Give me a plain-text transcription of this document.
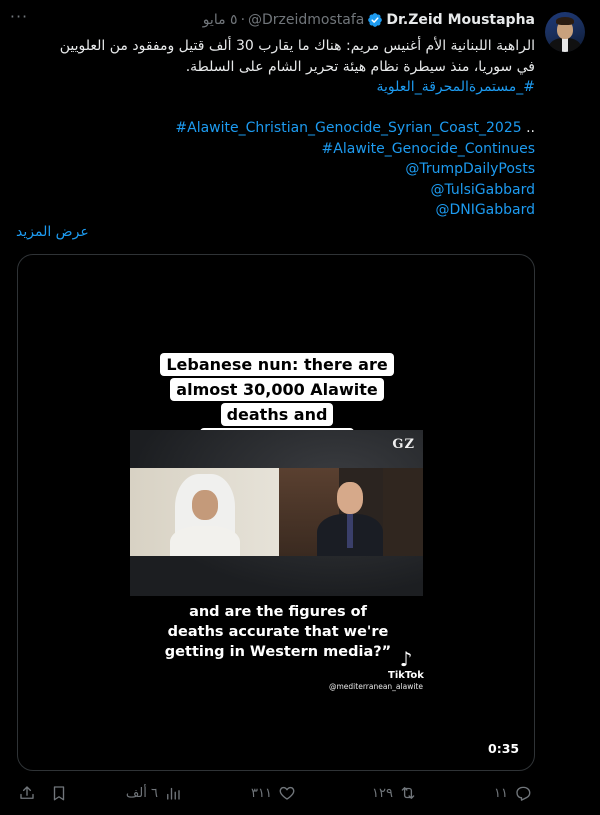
···	Dr.Zeid Moustapha
@Drzeidmostafa
·
٥ مايو
الراهبة اللبنانية الأم أغنيس مريم: هناك ما يقارب 30 ألف قتيل ومفقود من العلويين
في سوريا، منذ سيطرة نظام هيئة تحرير الشام على السلطة.
#_مستمرة‌المحرقة_العلوية
#Alawite_Christian_Genocide_Syrian_Coast_2025 ..
#Alawite_Genocide_Continues
@TrumpDailyPosts
@TulsiGabbard
@DNIGabbard
عرض المزيد
Lebanese nun: there are almost 30,000 Alawite deaths and
GZ
and are the figures of
deaths accurate that we're
getting in Western media?” ♪
TikTok
@mediterranean_alawite
0:35
١١
١٢٩
٣١١
٦ ألف
